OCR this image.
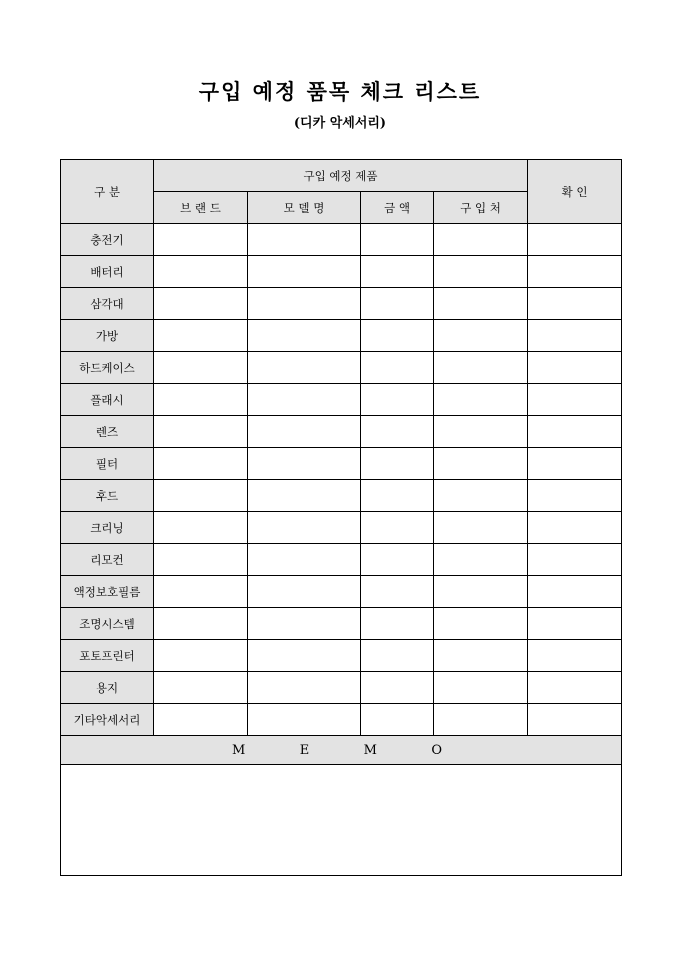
구입 예정 품목 체크 리스트
(디카 악세서리)
구 분	구입 예정 제품				확 인
	브 랜 드	모 델 명	금 액	구 입 처	
충전기					
배터리					
삼각대					
가방					
하드케이스					
플래시					
렌즈					
필터					
후드					
크리닝					
리모컨					
액정보호필름					
조명시스템					
포토프린터					
용지					
기타악세서리					

M E M O					
